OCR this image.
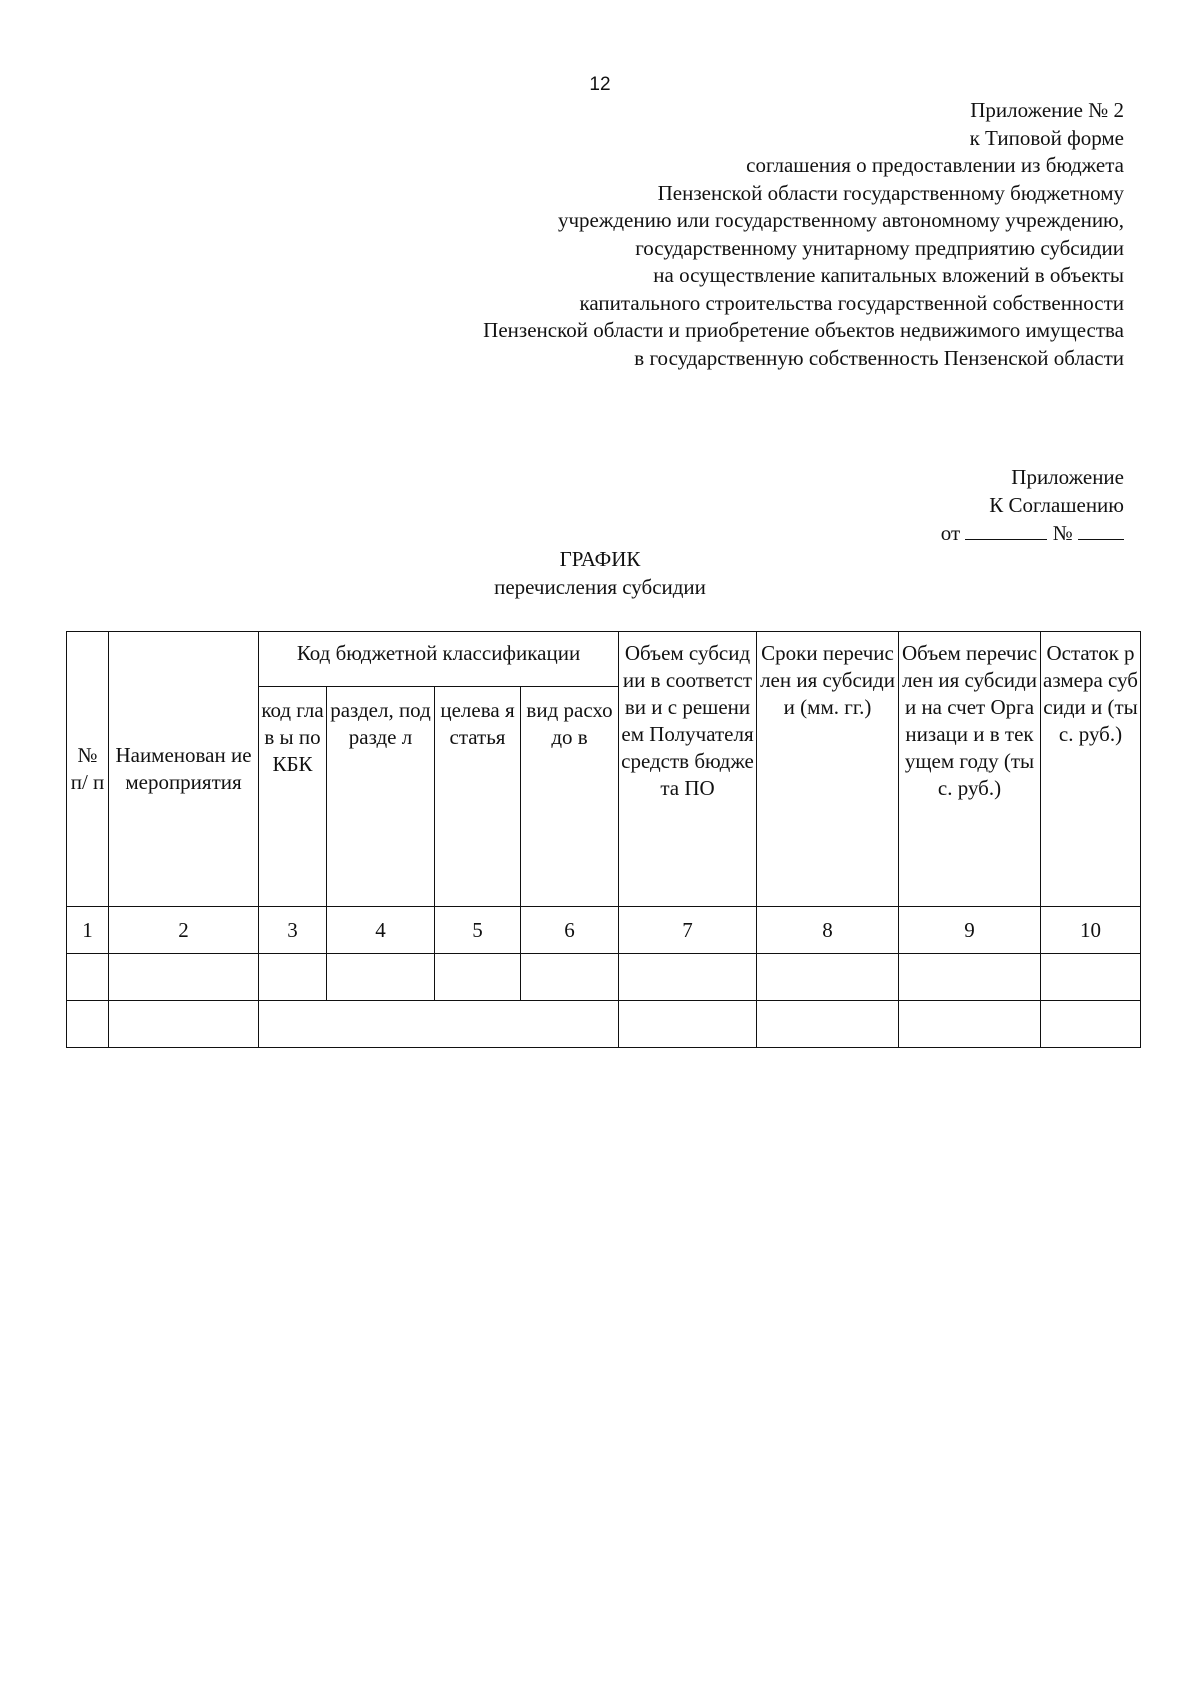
12
Приложение № 2
к Типовой форме
соглашения о предоставлении из бюджета
Пензенской области государственному бюджетному
учреждению или государственному автономному учреждению,
государственному унитарному предприятию субсидии
на осуществление капитальных вложений в объекты
капитального строительства государственной собственности
Пензенской области и приобретение объектов недвижимого имущества
в государственную собственность Пензенской области
Приложение
К Соглашению
от	№
ГРАФИК
перечисления субсидии
№ п/ п	Наименован ие мероприятия	Код бюджетной классификации				Объем субсидии в соответстви и с решением Получателя средств бюджета ПО	Сроки перечислен ия субсидии (мм. гг.)	Объем перечислен ия субсидии на счет Организаци и в текущем году (тыс. руб.)	Остаток размера субсиди и (тыс. руб.)
		код глав ы по КБК	раздел, подразде л	целева я статья	вид расходо в				
1	2	3	4	5	6	7	8	9	10
